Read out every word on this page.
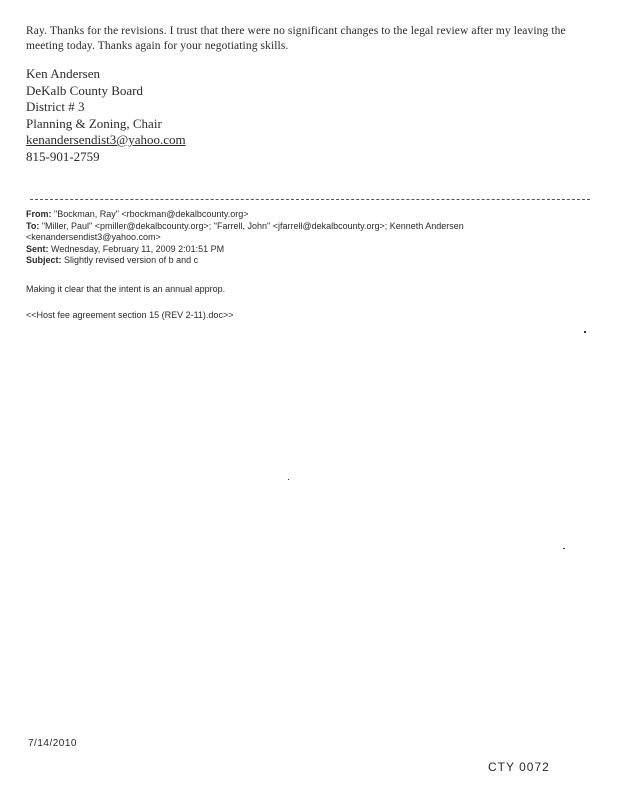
Ray. Thanks for the revisions. I trust that there were no significant changes to the legal review after my leaving the meeting today. Thanks again for your negotiating skills.
Ken Andersen
DeKalb County Board
District # 3
Planning & Zoning, Chair
kenandersendist3@yahoo.com
815-901-2759
From: "Bockman, Ray" <rbockman@dekalbcounty.org>
To: "Miller, Paul" <pmiller@dekalbcounty.org>; "Farrell, John" <jfarrell@dekalbcounty.org>; Kenneth Andersen
<kenandersendist3@yahoo.com>
Sent: Wednesday, February 11, 2009 2:01:51 PM
Subject: Slightly revised version of b and c
Making it clear that the intent is an annual approp.
<<Host fee agreement section 15 (REV 2-11).doc>>
7/14/2010
CTY 0072
